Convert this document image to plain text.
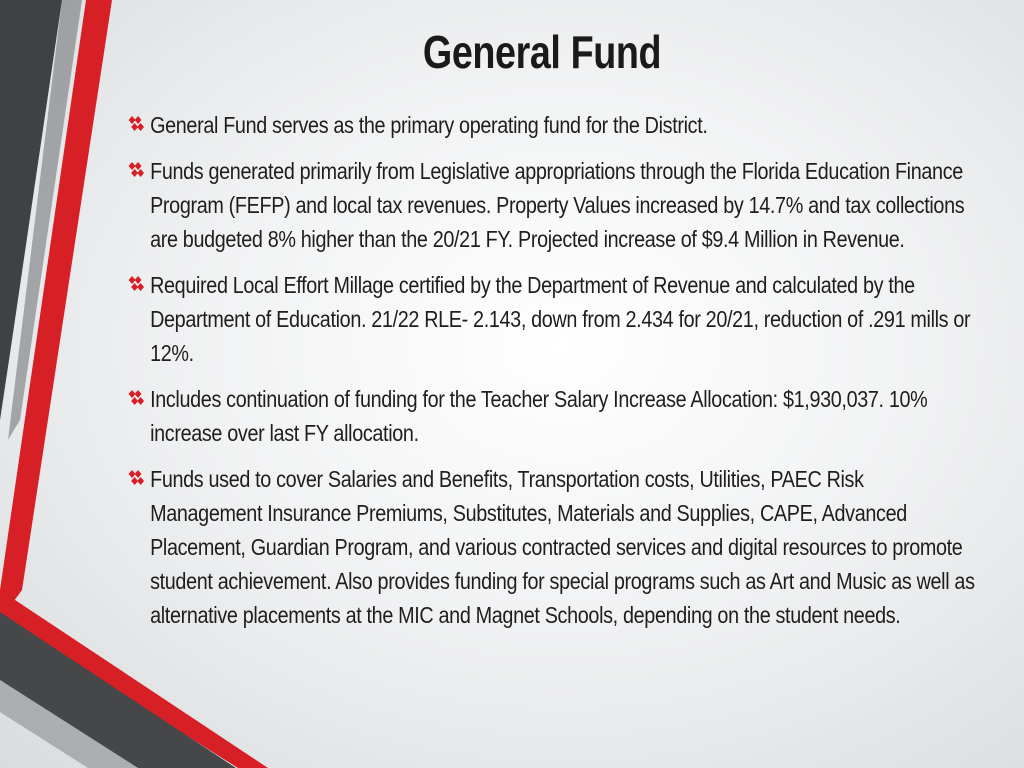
General Fund
General Fund serves as the primary operating fund for the District.
Funds generated primarily from Legislative appropriations through the Florida Education Finance Program (FEFP) and local tax revenues. Property Values increased by 14.7% and tax collections are budgeted 8% higher than the 20/21 FY. Projected increase of $9.4 Million in Revenue.
Required Local Effort Millage certified by the Department of Revenue and calculated by the Department of Education. 21/22 RLE- 2.143, down from 2.434 for 20/21, reduction of .291 mills or 12%.
Includes continuation of funding for the Teacher Salary Increase Allocation: $1,930,037. 10% increase over last FY allocation.
Funds used to cover Salaries and Benefits, Transportation costs, Utilities, PAEC Risk Management Insurance Premiums, Substitutes, Materials and Supplies, CAPE, Advanced Placement, Guardian Program, and various contracted services and digital resources to promote student achievement. Also provides funding for special programs such as Art and Music as well as alternative placements at the MIC and Magnet Schools, depending on the student needs.
